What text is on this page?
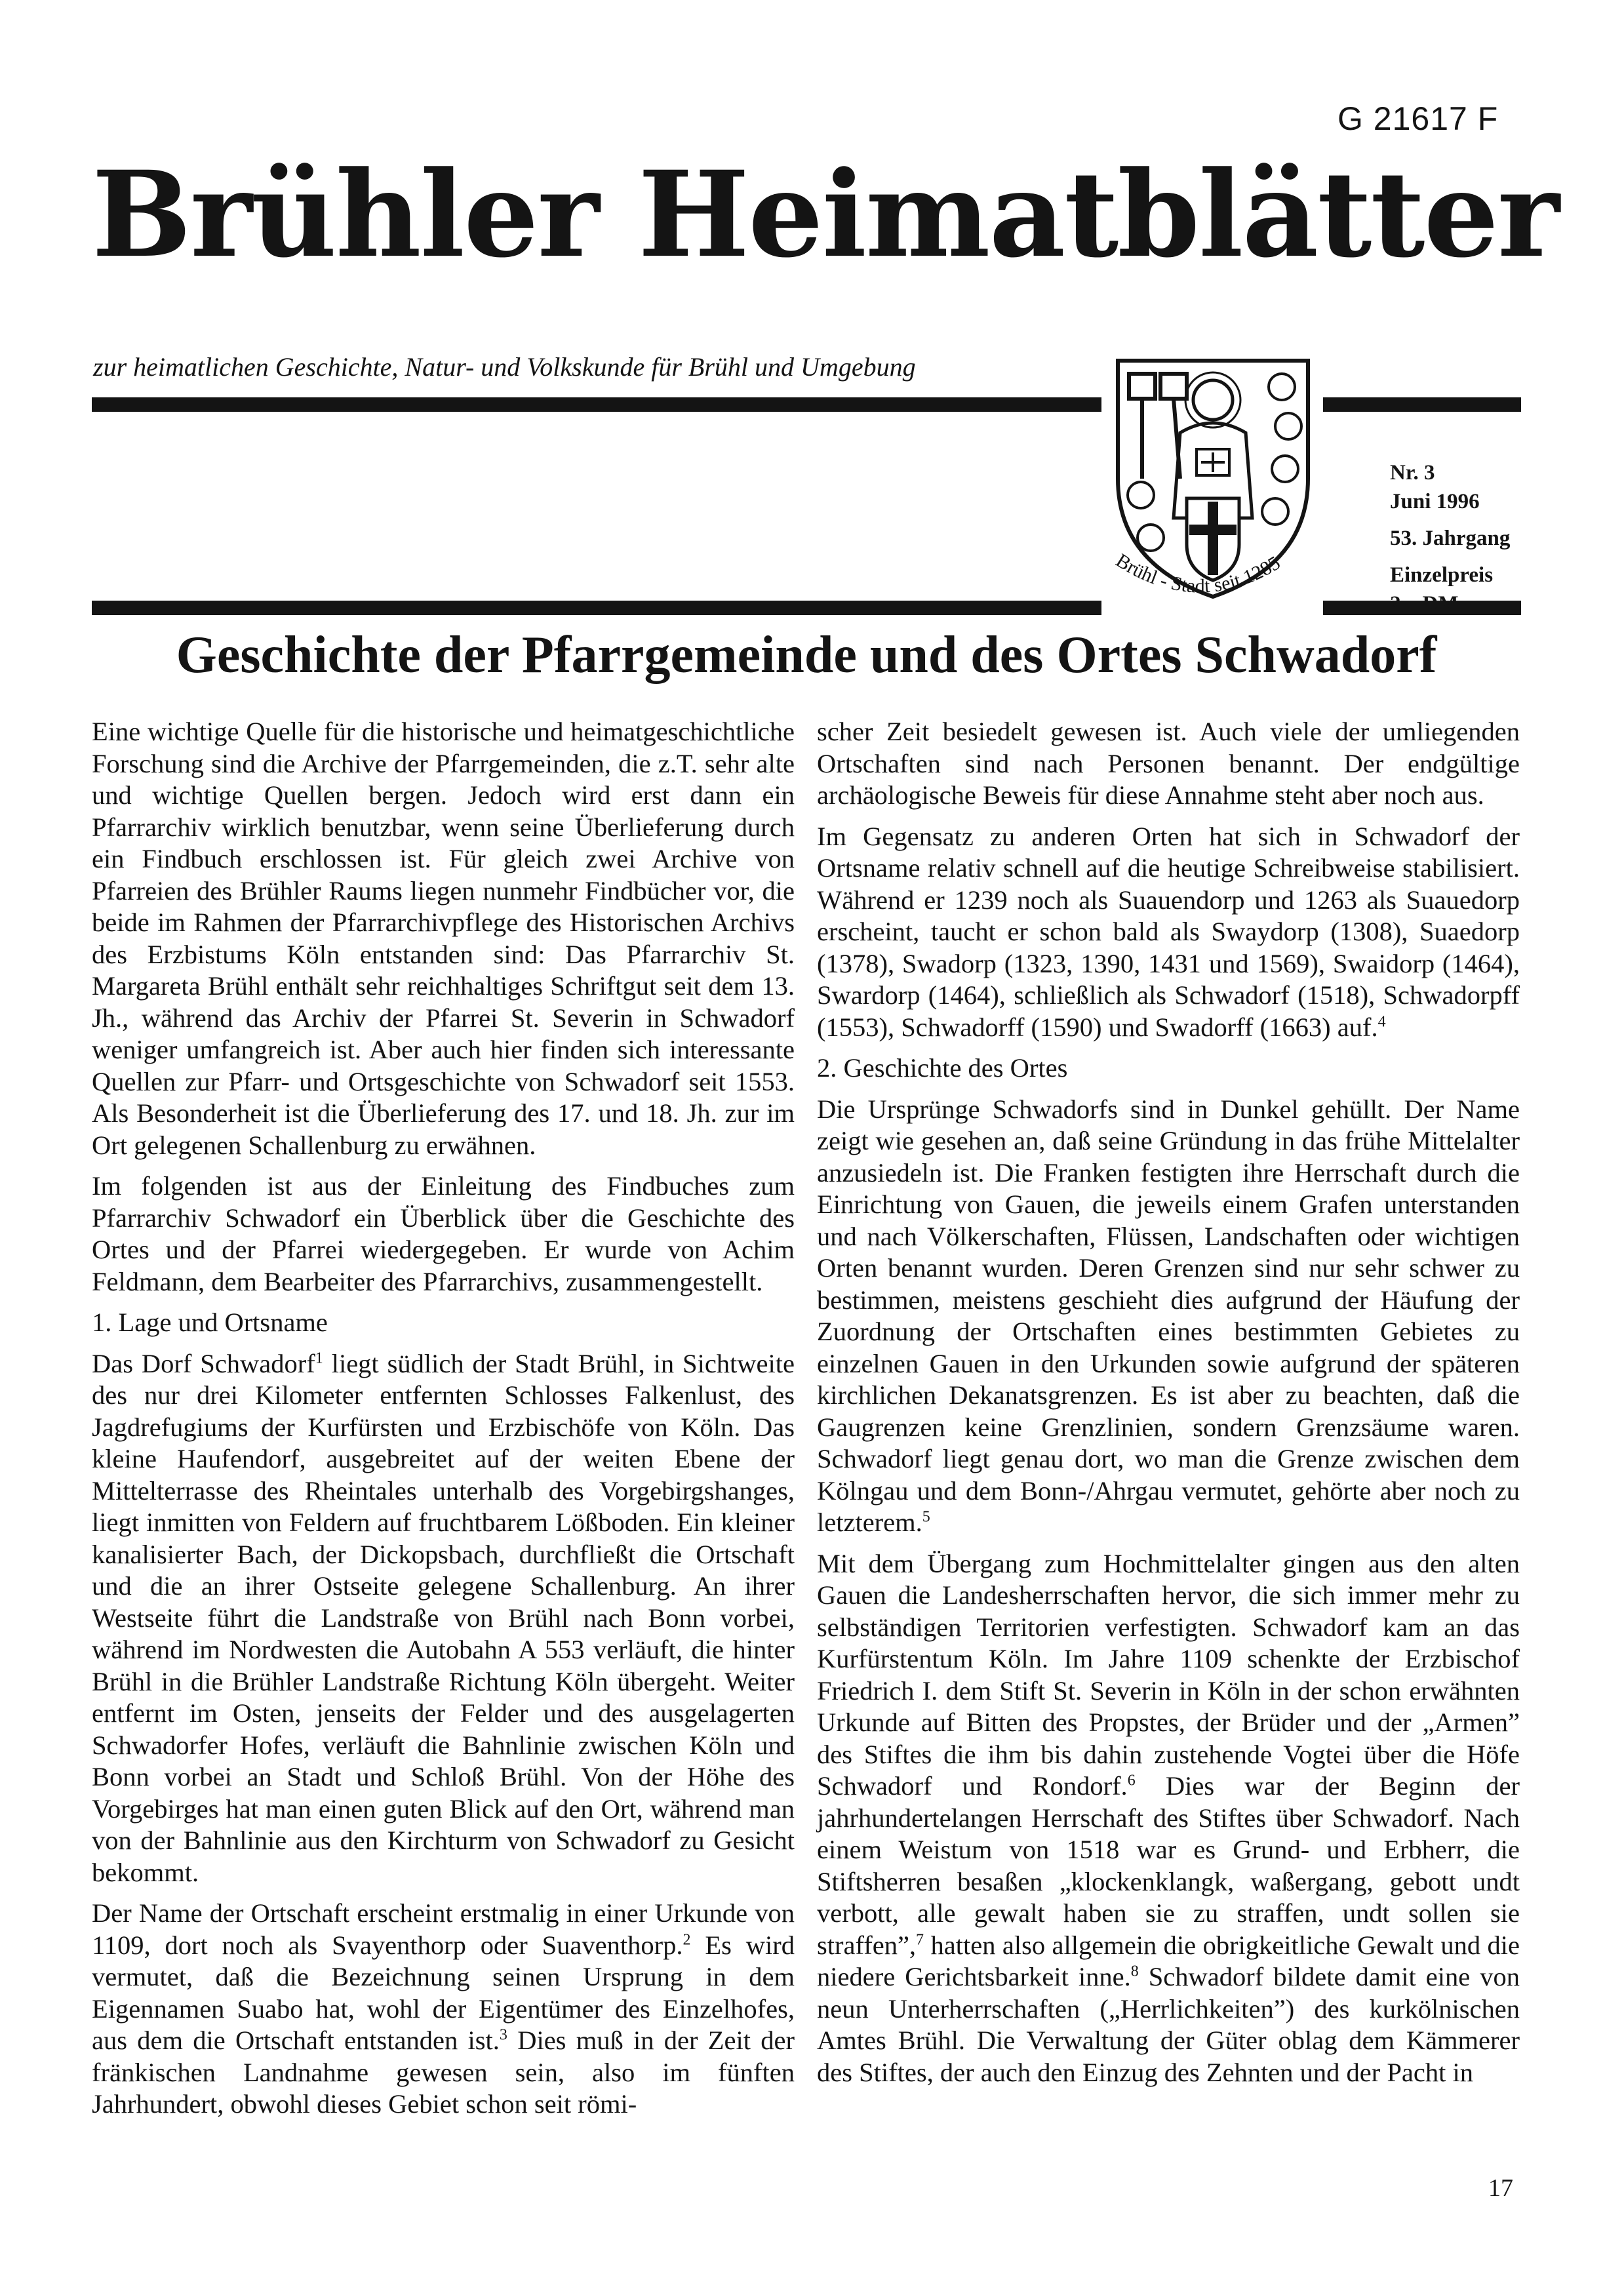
G 21617 F
Brühler Heimatblätter
zur heimatlichen Geschichte, Natur- und Volkskunde für Brühl und Umgebung
Brühl - Stadt seit 1285
Nr. 3
Juni 1996
53. Jahrgang
Einzelpreis
2,– DM
Geschichte der Pfarrgemeinde und des Ortes Schwadorf

Eine wichtige Quelle für die historische und heimatgeschichtliche Forschung sind die Archive der Pfarrgemeinden, die z.T. sehr alte und wichtige Quellen bergen. Jedoch wird erst dann ein Pfarrarchiv wirklich benutzbar, wenn seine Überlieferung durch ein Findbuch erschlossen ist. Für gleich zwei Archive von Pfarreien des Brühler Raums liegen nunmehr Findbücher vor, die beide im Rahmen der Pfarrarchivpflege des Historischen Archivs des Erzbistums Köln entstanden sind: Das Pfarrarchiv St. Margareta Brühl enthält sehr reichhaltiges Schriftgut seit dem 13. Jh., während das Archiv der Pfarrei St. Severin in Schwadorf weniger umfangreich ist. Aber auch hier finden sich interessante Quellen zur Pfarr- und Ortsgeschichte von Schwadorf seit 1553. Als Besonderheit ist die Überlieferung des 17. und 18. Jh. zur im Ort gelegenen Schallenburg zu erwähnen.

Im folgenden ist aus der Einleitung des Findbuches zum Pfarrarchiv Schwadorf ein Überblick über die Geschichte des Ortes und der Pfarrei wiedergegeben. Er wurde von Achim Feldmann, dem Bearbeiter des Pfarrarchivs, zusammengestellt.

1. Lage und Ortsname

Das Dorf Schwadorf$^1$ liegt südlich der Stadt Brühl, in Sichtweite des nur drei Kilometer entfernten Schlosses Falkenlust, des Jagdrefugiums der Kurfürsten und Erzbischöfe von Köln. Das kleine Haufendorf, ausgebreitet auf der weiten Ebene der Mittelterrasse des Rheintales unterhalb des Vorgebirgshanges, liegt inmitten von Feldern auf fruchtbarem Lößboden. Ein kleiner kanalisierter Bach, der Dickopsbach, durchfließt die Ortschaft und die an ihrer Ostseite gelegene Schallenburg. An ihrer Westseite führt die Landstraße von Brühl nach Bonn vorbei, während im Nordwesten die Autobahn A 553 verläuft, die hinter Brühl in die Brühler Landstraße Richtung Köln übergeht. Weiter entfernt im Osten, jenseits der Felder und des ausgelagerten Schwadorfer Hofes, verläuft die Bahnlinie zwischen Köln und Bonn vorbei an Stadt und Schloß Brühl. Von der Höhe des Vorgebirges hat man einen guten Blick auf den Ort, während man von der Bahnlinie aus den Kirchturm von Schwadorf zu Gesicht bekommt.

Der Name der Ortschaft erscheint erstmalig in einer Urkunde von 1109, dort noch als Svayenthorp oder Suaventhorp.$^2$ Es wird vermutet, daß die Bezeichnung seinen Ursprung in dem Eigennamen Suabo hat, wohl der Eigentümer des Einzelhofes, aus dem die Ortschaft entstanden ist.$^3$ Dies muß in der Zeit der fränkischen Landnahme gewesen sein, also im fünften Jahrhundert, obwohl dieses Gebiet schon seit römi-

scher Zeit besiedelt gewesen ist. Auch viele der umliegenden Ortschaften sind nach Personen benannt. Der endgültige archäologische Beweis für diese Annahme steht aber noch aus.

Im Gegensatz zu anderen Orten hat sich in Schwadorf der Ortsname relativ schnell auf die heutige Schreibweise stabilisiert. Während er 1239 noch als Suauendorp und 1263 als Suauedorp erscheint, taucht er schon bald als Swaydorp (1308), Suaedorp (1378), Swadorp (1323, 1390, 1431 und 1569), Swaidorp (1464), Swardorp (1464), schließlich als Schwadorf (1518), Schwadorpff (1553), Schwadorff (1590) und Swadorff (1663) auf.$^4$

2. Geschichte des Ortes

Die Ursprünge Schwadorfs sind in Dunkel gehüllt. Der Name zeigt wie gesehen an, daß seine Gründung in das frühe Mittelalter anzusiedeln ist. Die Franken festigten ihre Herrschaft durch die Einrichtung von Gauen, die jeweils einem Grafen unterstanden und nach Völkerschaften, Flüssen, Landschaften oder wichtigen Orten benannt wurden. Deren Grenzen sind nur sehr schwer zu bestimmen, meistens geschieht dies aufgrund der Häufung der Zuordnung der Ortschaften eines bestimmten Gebietes zu einzelnen Gauen in den Urkunden sowie aufgrund der späteren kirchlichen Dekanatsgrenzen. Es ist aber zu beachten, daß die Gaugrenzen keine Grenzlinien, sondern Grenzsäume waren. Schwadorf liegt genau dort, wo man die Grenze zwischen dem Kölngau und dem Bonn-/Ahrgau vermutet, gehörte aber noch zu letzterem.$^5$

Mit dem Übergang zum Hochmittelalter gingen aus den alten Gauen die Landesherrschaften hervor, die sich immer mehr zu selbständigen Territorien verfestigten. Schwadorf kam an das Kurfürstentum Köln. Im Jahre 1109 schenkte der Erzbischof Friedrich I. dem Stift St. Severin in Köln in der schon erwähnten Urkunde auf Bitten des Propstes, der Brüder und der „Armen” des Stiftes die ihm bis dahin zustehende Vogtei über die Höfe Schwadorf und Rondorf.$^6$ Dies war der Beginn der jahrhundertelangen Herrschaft des Stiftes über Schwadorf. Nach einem Weistum von 1518 war es Grund- und Erbherr, die Stiftsherren besaßen „klockenklangk, waßergang, gebott undt verbott, alle gewalt haben sie zu straffen, undt sollen sie straffen”,$^7$ hatten also allgemein die obrigkeitliche Gewalt und die niedere Gerichtsbarkeit inne.$^8$ Schwadorf bildete damit eine von neun Unterherrschaften („Herrlichkeiten”) des kurkölnischen Amtes Brühl. Die Verwaltung der Güter oblag dem Kämmerer des Stiftes, der auch den Einzug des Zehnten und der Pacht in

17
